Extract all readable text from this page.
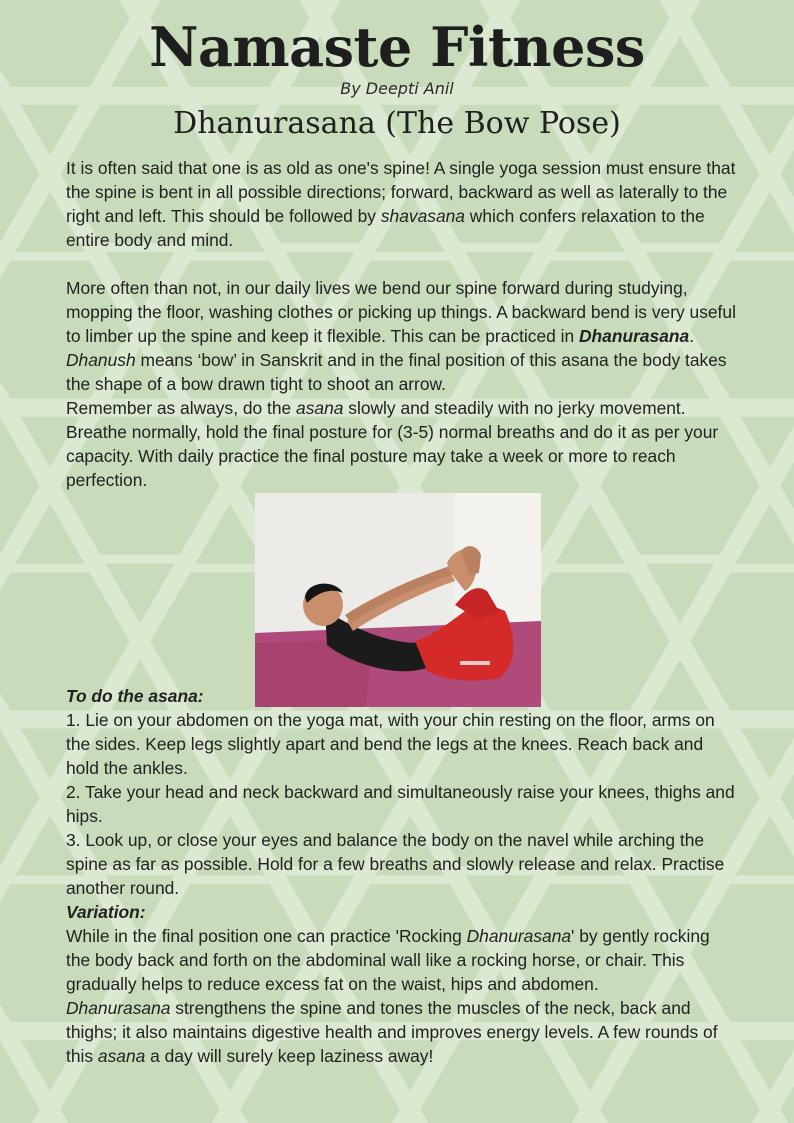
Namaste Fitness
By Deepti Anil
Dhanurasana (The Bow Pose)

It is often said that one is as old as one's spine! A single yoga session must ensure that the spine is bent in all possible directions; forward, backward as well as laterally to the right and left. This should be followed by shavasana which confers relaxation to the entire body and mind.

More often than not, in our daily lives we bend our spine forward during studying, mopping the floor, washing clothes or picking up things. A backward bend is very useful to limber up the spine and keep it flexible. This can be practiced in Dhanurasana. Dhanush means ‘bow’ in Sanskrit and in the final position of this asana the body takes the shape of a bow drawn tight to shoot an arrow.

Remember as always, do the asana slowly and steadily with no jerky movement. Breathe normally, hold the final posture for (3-5) normal breaths and do it as per your capacity. With daily practice the final posture may take a week or more to reach perfection.

To do the asana:

1. Lie on your abdomen on the yoga mat, with your chin resting on the floor, arms on the sides. Keep legs slightly apart and bend the legs at the knees. Reach back and hold the ankles.

2. Take your head and neck backward and simultaneously raise your knees, thighs and hips.

3. Look up, or close your eyes and balance the body on the navel while arching the spine as far as possible. Hold for a few breaths and slowly release and relax. Practise another round.

Variation:

While in the final position one can practice 'Rocking Dhanurasana' by gently rocking the body back and forth on the abdominal wall like a rocking horse, or chair. This gradually helps to reduce excess fat on the waist, hips and abdomen.

Dhanurasana strengthens the spine and tones the muscles of the neck, back and thighs; it also maintains digestive health and improves energy levels. A few rounds of this asana a day will surely keep laziness away!
